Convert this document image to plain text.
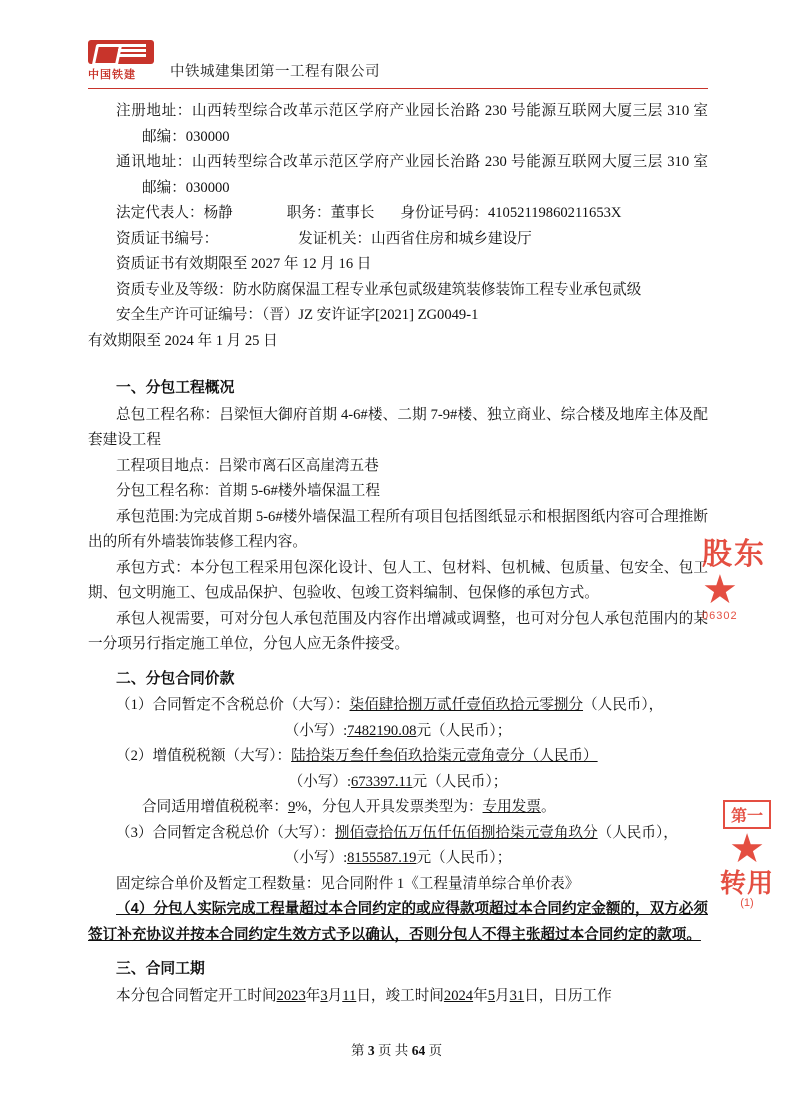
中国铁建	中铁城建集团第一工程有限公司

注册地址：山西转型综合改革示范区学府产业园长治路 230 号能源互联网大厦三层 310 室邮编：030000

通讯地址：山西转型综合改革示范区学府产业园长治路 230 号能源互联网大厦三层 310 室邮编：030000

法定代表人：杨静	职务：董事长 身份证号码：41052119860211653X

资质证书编号：	发证机关：山西省住房和城乡建设厅

资质证书有效期限至 2027 年 12 月 16 日

资质专业及等级：防水防腐保温工程专业承包贰级建筑装修装饰工程专业承包贰级

安全生产许可证编号：（晋）JZ 安许证字[2021] ZG0049-1

有效期限至 2024 年 1 月 25 日

一、分包工程概况

总包工程名称：吕梁恒大御府首期 4-6#楼、二期 7-9#楼、独立商业、综合楼及地库主体及配套建设工程

工程项目地点：吕梁市离石区高崖湾五巷

分包工程名称：首期 5-6#楼外墙保温工程

承包范围:为完成首期 5-6#楼外墙保温工程所有项目包括图纸显示和根据图纸内容可合理推断出的所有外墙装饰装修工程内容。

承包方式：本分包工程采用包深化设计、包人工、包材料、包机械、包质量、包安全、包工期、包文明施工、包成品保护、包验收、包竣工资料编制、包保修的承包方式。

承包人视需要，可对分包人承包范围及内容作出增减或调整，也可对分包人承包范围内的某一分项另行指定施工单位，分包人应无条件接受。

二、分包合同价款

（1）合同暂定不含税总价（大写）：柒佰肆拾捌万贰仟壹佰玖拾元零捌分（人民币），

（小写）:7482190.08元（人民币）；

（2）增值税税额（大写）：陆拾柒万叁仟叁佰玖拾柒元壹角壹分（人民币）

（小写）:673397.11元（人民币）；

合同适用增值税税率：9%，分包人开具发票类型为：专用发票。

（3）合同暂定含税总价（大写）：捌佰壹拾伍万伍仟伍佰捌拾柒元壹角玖分（人民币），

（小写）:8155587.19元（人民币）；

固定综合单价及暂定工程数量：见合同附件 1《工程量清单综合单价表》

（4）分包人实际完成工程量超过本合同约定的或应得款项超过本合同约定金额的，双方必须签订补充协议并按本合同约定生效方式予以确认，否则分包人不得主张超过本合同约定的款项。

三、合同工期

本分包合同暂定开工时间2023年3月11日，竣工时间2024年5月31日，日历工作

股东
★
06302
第一
★
转用
(1)
第 3 页 共 64 页
